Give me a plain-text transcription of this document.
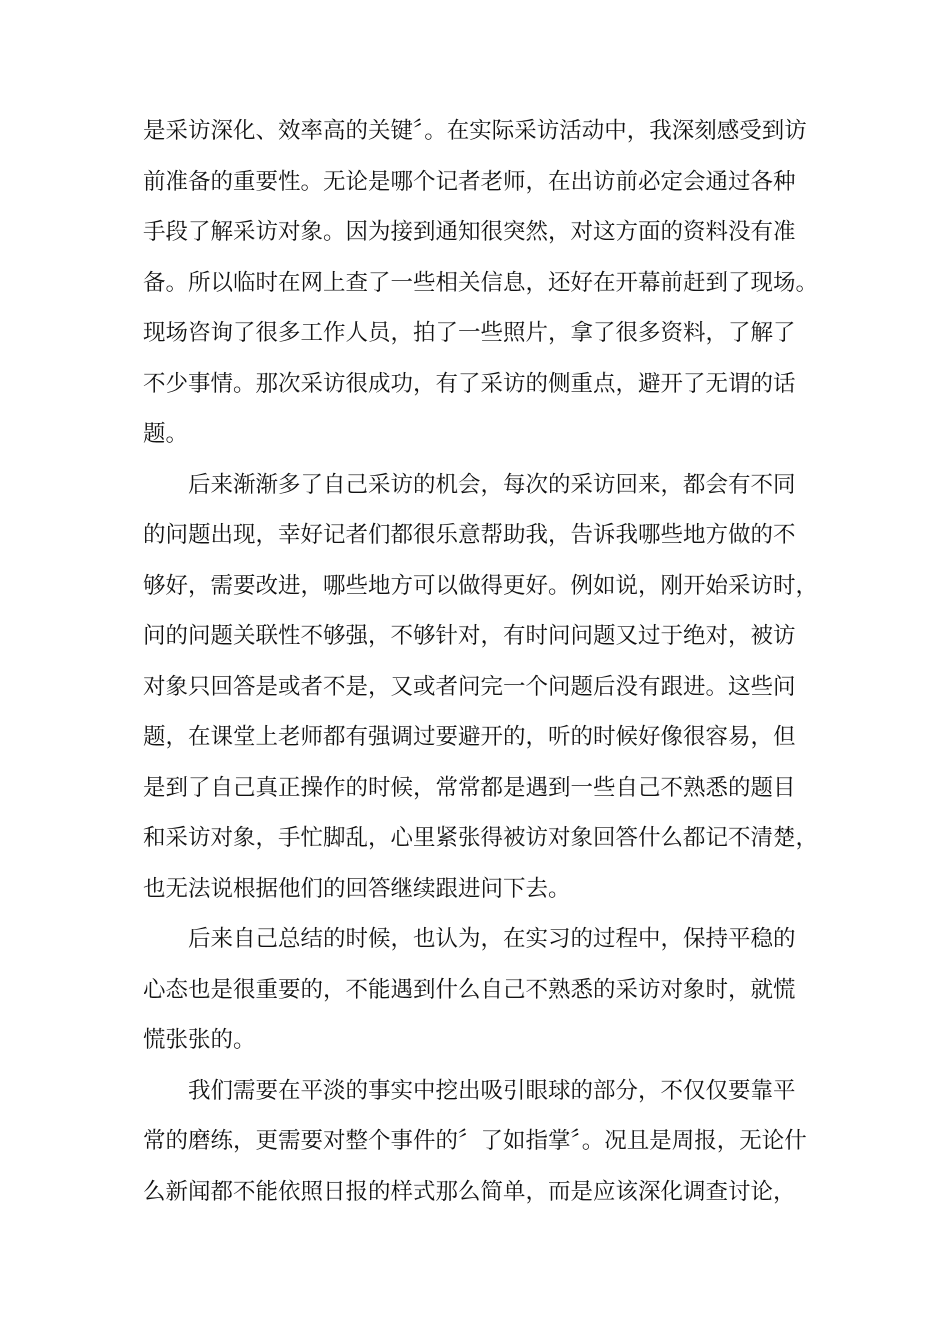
是采访深化、效率高的关键〞。在实际采访活动中，我深刻感受到访
前准备的重要性。无论是哪个记者老师，在出访前必定会通过各种
手段了解采访对象。因为接到通知很突然，对这方面的资料没有准
备。所以临时在网上查了一些相关信息，还好在开幕前赶到了现场。
现场咨询了很多工作人员，拍了一些照片，拿了很多资料，了解了
不少事情。那次采访很成功，有了采访的侧重点，避开了无谓的话
题。
后来渐渐多了自己采访的机会，每次的采访回来，都会有不同
的问题出现，幸好记者们都很乐意帮助我，告诉我哪些地方做的不
够好，需要改进，哪些地方可以做得更好。例如说，刚开始采访时，
问的问题关联性不够强，不够针对，有时问问题又过于绝对，被访
对象只回答是或者不是，又或者问完一个问题后没有跟进。这些问
题，在课堂上老师都有强调过要避开的，听的时候好像很容易，但
是到了自己真正操作的时候，常常都是遇到一些自己不熟悉的题目
和采访对象，手忙脚乱，心里紧张得被访对象回答什么都记不清楚，
也无法说根据他们的回答继续跟进问下去。
后来自己总结的时候，也认为，在实习的过程中，保持平稳的
心态也是很重要的，不能遇到什么自己不熟悉的采访对象时，就慌
慌张张的。
我们需要在平淡的事实中挖出吸引眼球的部分，不仅仅要靠平
常的磨练，更需要对整个事件的〞了如指掌〞。况且是周报，无论什
么新闻都不能依照日报的样式那么简单，而是应该深化调查讨论，
